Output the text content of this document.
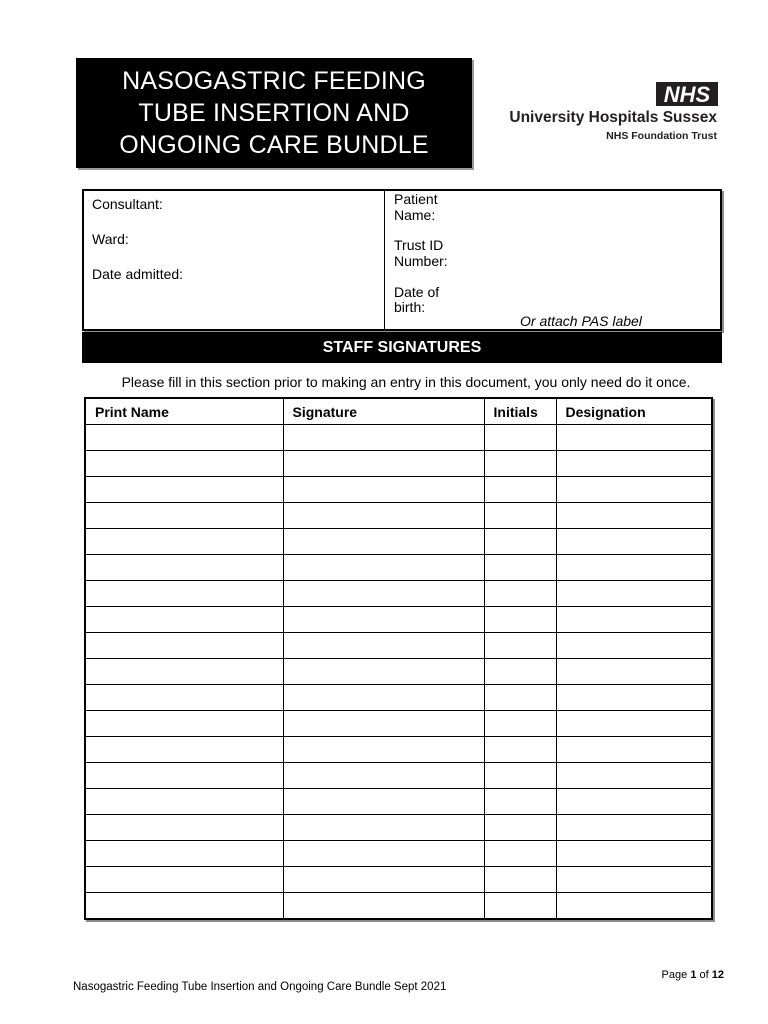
NASOGASTRIC FEEDING
TUBE INSERTION AND
ONGOING CARE BUNDLE
NHS
University Hospitals Sussex
NHS Foundation Trust
Consultant:
Ward:
Date admitted:
Patient
Name:
Trust ID
Number:
Date of
birth:
Or attach PAS label
STAFF SIGNATURES
Please fill in this section prior to making an entry in this document, you only need do it once.
Print Name	Signature	Initials	Designation

Page 1 of 12
Nasogastric Feeding Tube Insertion and Ongoing Care Bundle Sept 2021
